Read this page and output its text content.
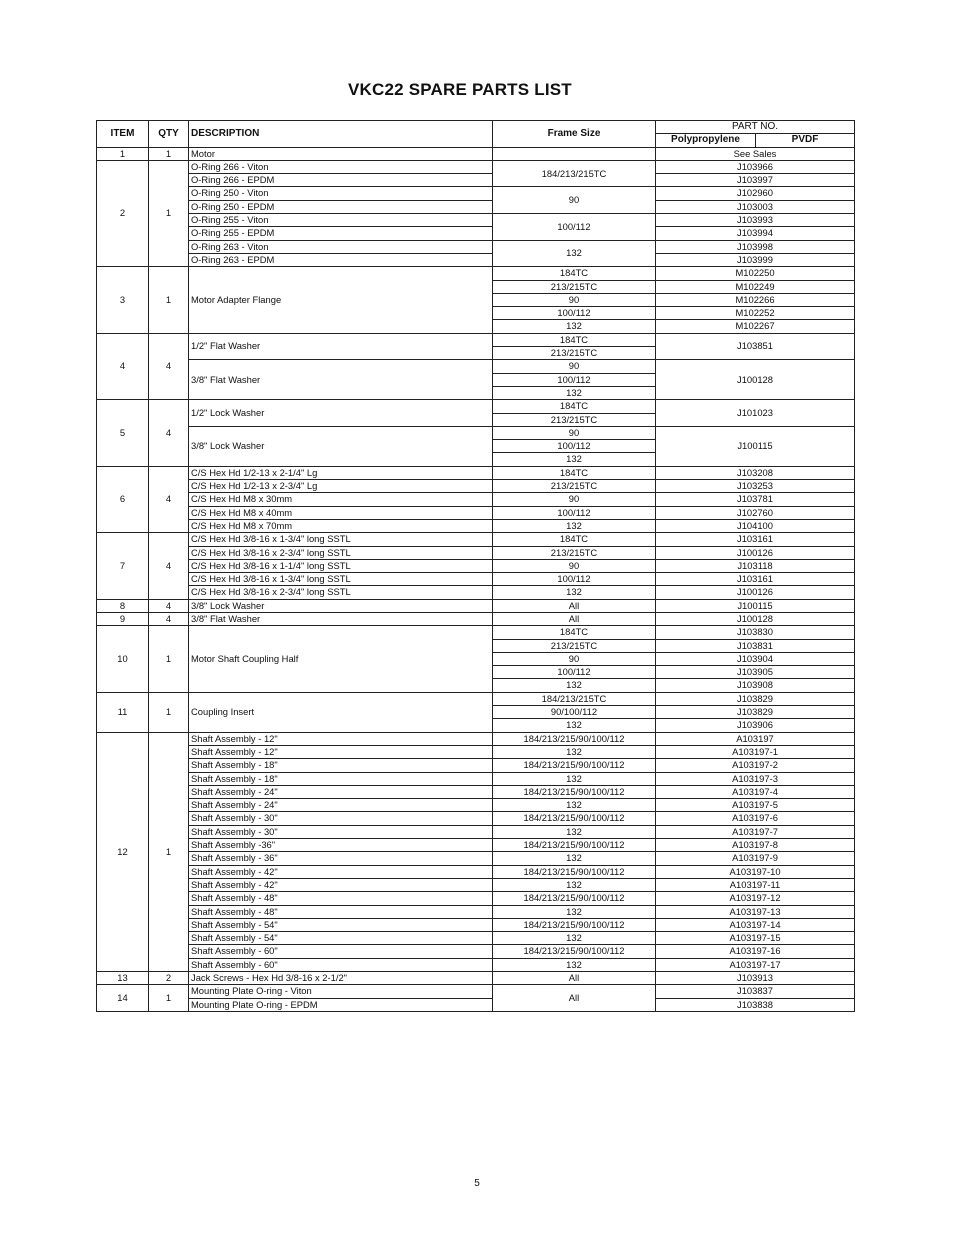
VKC22 SPARE PARTS LIST
ITEM	QTY	DESCRIPTION	Frame Size	PART NO.	
				Polypropylene	PVDF
1	1	Motor		See Sales	
2	1	O-Ring 266 - Viton	184/213/215TC	J103966	
		O-Ring 266 - EPDM		J103997	
		O-Ring 250 - Viton	90	J102960	
		O-Ring 250 - EPDM		J103003	
		O-Ring 255 - Viton	100/112	J103993	
		O-Ring 255 - EPDM		J103994	
		O-Ring 263 - Viton	132	J103998	
		O-Ring 263 - EPDM		J103999	
3	1	Motor Adapter Flange	184TC	M102250	
			213/215TC	M102249	
			90	M102266	
			100/112	M102252	
			132	M102267	
4	4	1/2" Flat Washer	184TC	J103851	
			213/215TC		
		3/8" Flat Washer	90	J100128	
			100/112		
			132		
5	4	1/2" Lock Washer	184TC	J101023	
			213/215TC		
		3/8" Lock Washer	90	J100115	
			100/112		
			132		
6	4	C/S Hex Hd 1/2-13 x 2-1/4" Lg	184TC	J103208	
		C/S Hex Hd 1/2-13 x 2-3/4" Lg	213/215TC	J103253	
		C/S Hex Hd M8 x 30mm	90	J103781	
		C/S Hex Hd M8 x 40mm	100/112	J102760	
		C/S Hex Hd M8 x 70mm	132	J104100	
7	4	C/S Hex Hd 3/8-16 x 1-3/4" long SSTL	184TC	J103161	
		C/S Hex Hd 3/8-16 x 2-3/4" long SSTL	213/215TC	J100126	
		C/S Hex Hd 3/8-16 x 1-1/4" long SSTL	90	J103118	
		C/S Hex Hd 3/8-16 x 1-3/4" long SSTL	100/112	J103161	
		C/S Hex Hd 3/8-16 x 2-3/4" long SSTL	132	J100126	
8	4	3/8" Lock Washer	All	J100115	
9	4	3/8" Flat Washer	All	J100128	
10	1	Motor Shaft Coupling Half	184TC	J103830	
			213/215TC	J103831	
			90	J103904	
			100/112	J103905	
			132	J103908	
11	1	Coupling Insert	184/213/215TC	J103829	
			90/100/112	J103829	
			132	J103906	
12	1	Shaft Assembly - 12"	184/213/215/90/100/112	A103197	
		Shaft Assembly - 12"	132	A103197-1	
		Shaft Assembly - 18"	184/213/215/90/100/112	A103197-2	
		Shaft Assembly - 18"	132	A103197-3	
		Shaft Assembly - 24"	184/213/215/90/100/112	A103197-4	
		Shaft Assembly - 24"	132	A103197-5	
		Shaft Assembly - 30"	184/213/215/90/100/112	A103197-6	
		Shaft Assembly - 30"	132	A103197-7	
		Shaft Assembly -36"	184/213/215/90/100/112	A103197-8	
		Shaft Assembly - 36"	132	A103197-9	
		Shaft Assembly - 42"	184/213/215/90/100/112	A103197-10	
		Shaft Assembly - 42"	132	A103197-11	
		Shaft Assembly - 48"	184/213/215/90/100/112	A103197-12	
		Shaft Assembly - 48"	132	A103197-13	
		Shaft Assembly - 54"	184/213/215/90/100/112	A103197-14	
		Shaft Assembly - 54"	132	A103197-15	
		Shaft Assembly - 60"	184/213/215/90/100/112	A103197-16	
		Shaft Assembly - 60"	132	A103197-17	
13	2	Jack Screws - Hex Hd 3/8-16 x 2-1/2"	All	J103913	
14	1	Mounting Plate O-ring - Viton	All	J103837	
		Mounting Plate O-ring - EPDM		J103838	
5
